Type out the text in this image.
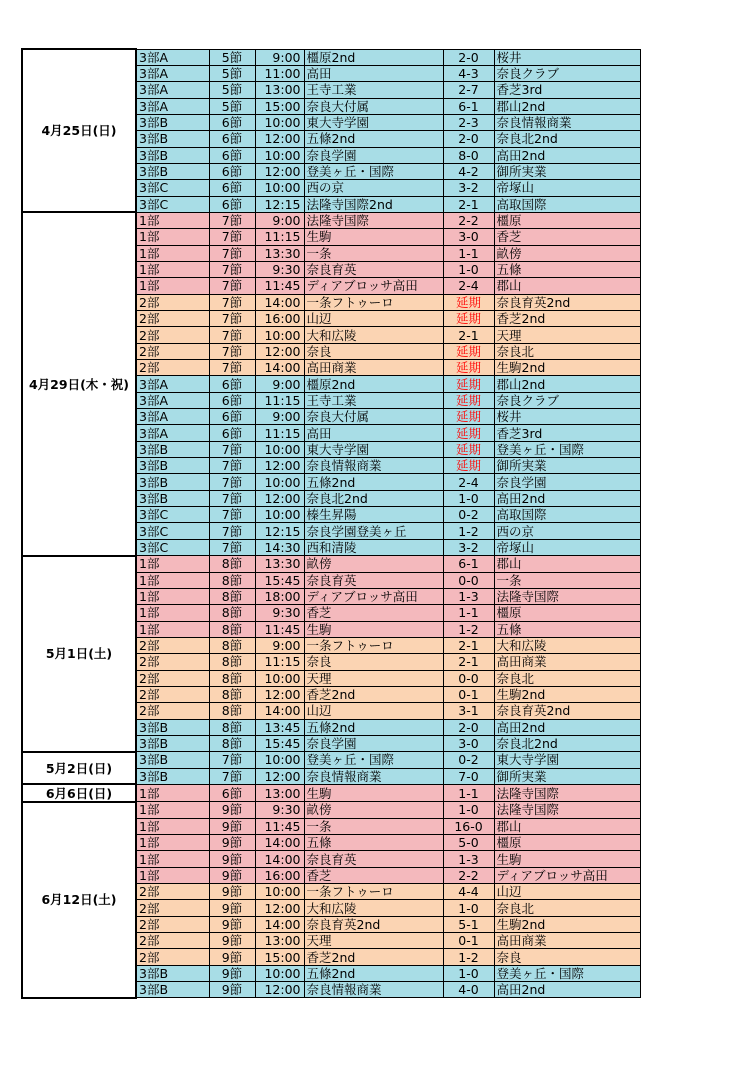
4月25日(日)	3部A	5節	9:00	橿原2nd	2-0	桜井
	3部A	5節	11:00	高田	4-3	奈良クラブ
	3部A	5節	13:00	王寺工業	2-7	香芝3rd
	3部A	5節	15:00	奈良大付属	6-1	郡山2nd
	3部B	6節	10:00	東大寺学園	2-3	奈良情報商業
	3部B	6節	12:00	五條2nd	2-0	奈良北2nd
	3部B	6節	10:00	奈良学園	8-0	高田2nd
	3部B	6節	12:00	登美ヶ丘・国際	4-2	御所実業
	3部C	6節	10:00	西の京	3-2	帝塚山
	3部C	6節	12:15	法隆寺国際2nd	2-1	高取国際
4月29日(木・祝)	1部	7節	9:00	法隆寺国際	2-2	橿原
	1部	7節	11:15	生駒	3-0	香芝
	1部	7節	13:30	一条	1-1	畝傍
	1部	7節	9:30	奈良育英	1-0	五條
	1部	7節	11:45	ディアブロッサ高田	2-4	郡山
	2部	7節	14:00	一条フトゥーロ	延期	奈良育英2nd
	2部	7節	16:00	山辺	延期	香芝2nd
	2部	7節	10:00	大和広陵	2-1	天理
	2部	7節	12:00	奈良	延期	奈良北
	2部	7節	14:00	高田商業	延期	生駒2nd
	3部A	6節	9:00	橿原2nd	延期	郡山2nd
	3部A	6節	11:15	王寺工業	延期	奈良クラブ
	3部A	6節	9:00	奈良大付属	延期	桜井
	3部A	6節	11:15	高田	延期	香芝3rd
	3部B	7節	10:00	東大寺学園	延期	登美ヶ丘・国際
	3部B	7節	12:00	奈良情報商業	延期	御所実業
	3部B	7節	10:00	五條2nd	2-4	奈良学園
	3部B	7節	12:00	奈良北2nd	1-0	高田2nd
	3部C	7節	10:00	榛生昇陽	0-2	高取国際
	3部C	7節	12:15	奈良学園登美ヶ丘	1-2	西の京
	3部C	7節	14:30	西和清陵	3-2	帝塚山
5月1日(土)	1部	8節	13:30	畝傍	6-1	郡山
	1部	8節	15:45	奈良育英	0-0	一条
	1部	8節	18:00	ディアブロッサ高田	1-3	法隆寺国際
	1部	8節	9:30	香芝	1-1	橿原
	1部	8節	11:45	生駒	1-2	五條
	2部	8節	9:00	一条フトゥーロ	2-1	大和広陵
	2部	8節	11:15	奈良	2-1	高田商業
	2部	8節	10:00	天理	0-0	奈良北
	2部	8節	12:00	香芝2nd	0-1	生駒2nd
	2部	8節	14:00	山辺	3-1	奈良育英2nd
	3部B	8節	13:45	五條2nd	2-0	高田2nd
	3部B	8節	15:45	奈良学園	3-0	奈良北2nd
5月2日(日)	3部B	7節	10:00	登美ヶ丘・国際	0-2	東大寺学園
	3部B	7節	12:00	奈良情報商業	7-0	御所実業
6月6日(日)	1部	6節	13:00	生駒	1-1	法隆寺国際
6月12日(土)	1部	9節	9:30	畝傍	1-0	法隆寺国際
	1部	9節	11:45	一条	16-0	郡山
	1部	9節	14:00	五條	5-0	橿原
	1部	9節	14:00	奈良育英	1-3	生駒
	1部	9節	16:00	香芝	2-2	ディアブロッサ高田
	2部	9節	10:00	一条フトゥーロ	4-4	山辺
	2部	9節	12:00	大和広陵	1-0	奈良北
	2部	9節	14:00	奈良育英2nd	5-1	生駒2nd
	2部	9節	13:00	天理	0-1	高田商業
	2部	9節	15:00	香芝2nd	1-2	奈良
	3部B	9節	10:00	五條2nd	1-0	登美ヶ丘・国際
	3部B	9節	12:00	奈良情報商業	4-0	高田2nd
